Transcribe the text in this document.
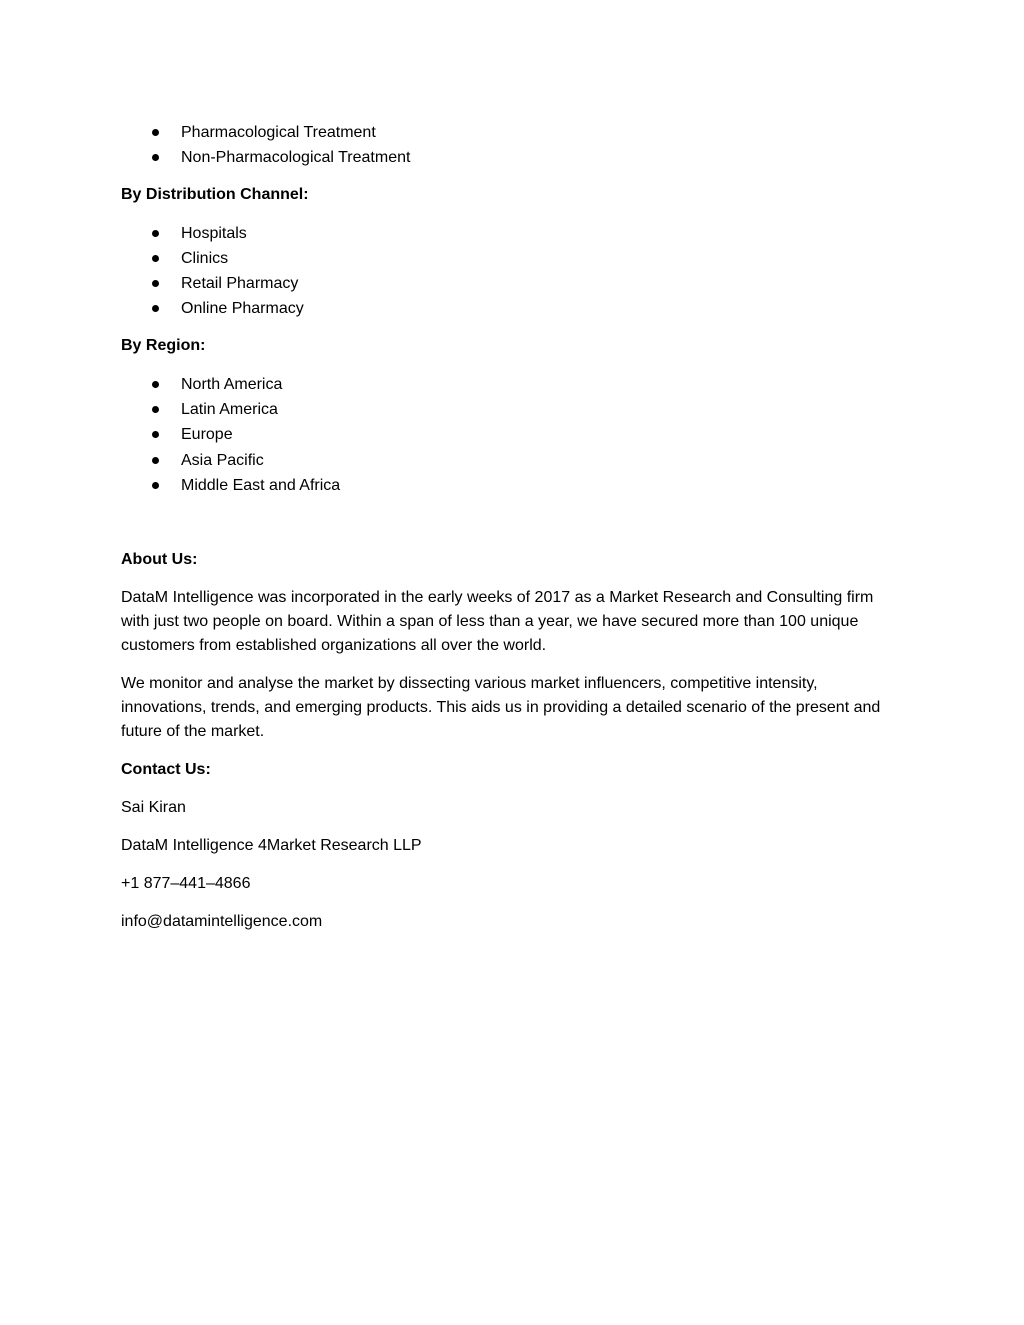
Pharmacological Treatment
Non-Pharmacological Treatment
By Distribution Channel:
Hospitals
Clinics
Retail Pharmacy
Online Pharmacy
By Region:
North America
Latin America
Europe
Asia Pacific
Middle East and Africa
About Us:

DataM Intelligence was incorporated in the early weeks of 2017 as a Market Research and Consulting firm with just two people on board. Within a span of less than a year, we have secured more than 100 unique customers from established organizations all over the world.

We monitor and analyse the market by dissecting various market influencers, competitive intensity, innovations, trends, and emerging products. This aids us in providing a detailed scenario of the present and future of the market.

Contact Us:

Sai Kiran

DataM Intelligence 4Market Research LLP

+1 877–441–4866

info@datamintelligence.com
